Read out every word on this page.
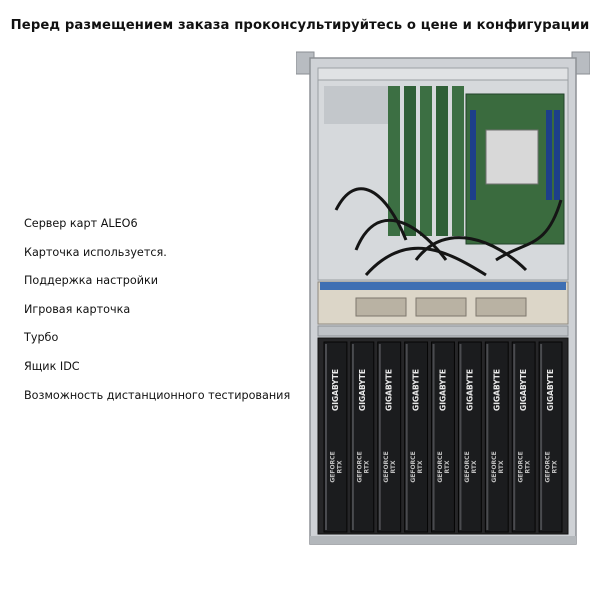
Перед размещением заказа проконсультируйтесь о цене и конфигурации
Сервер карт ALEO6
Карточка используется.
Поддержка настройки
Игровая карточка
Турбо
Ящик IDC
Возможность дистанционного тестирования	GIGABYTE
GEFORCE RTX
GIGABYTE
GEFORCE RTX
GIGABYTE
GEFORCE RTX
GIGABYTE
GEFORCE RTX
GIGABYTE
GEFORCE RTX
GIGABYTE
GEFORCE RTX
GIGABYTE
GEFORCE RTX
GIGABYTE
GEFORCE RTX
GIGABYTE
GEFORCE RTX
